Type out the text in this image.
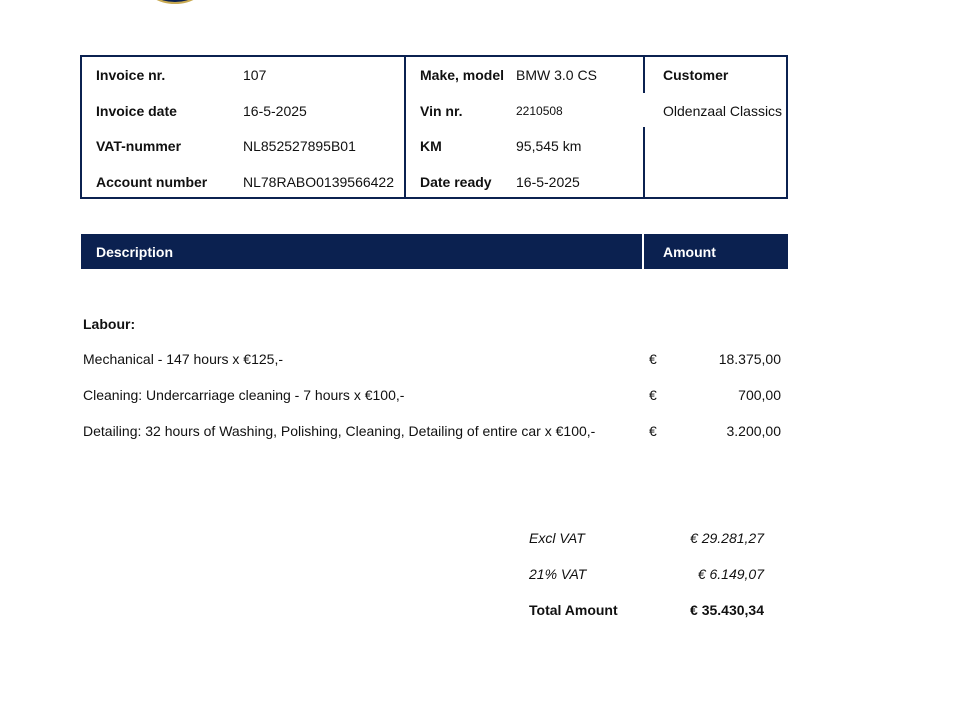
Invoice nr.	107
Invoice date	16-5-2025
VAT-nummer	NL852527895B01
Account number	NL78RABO0139566422
Make, model BMW 3.0 CS
Vin nr.	2210508
KM	95,545 km
Date ready 16-5-2025
Customer
Oldenzaal Classics
Description	Amount
Labour:
Mechanical - 147 hours x €125,-	€	18.375,00
Cleaning: Undercarriage cleaning - 7 hours x €100,-	€	700,00
Detailing: 32 hours of Washing, Polishing, Cleaning, Detailing of entire car x €100,-	€	3.200,00
Excl VAT	€ 29.281,27
21% VAT	€ 6.149,07
Total Amount	€ 35.430,34
